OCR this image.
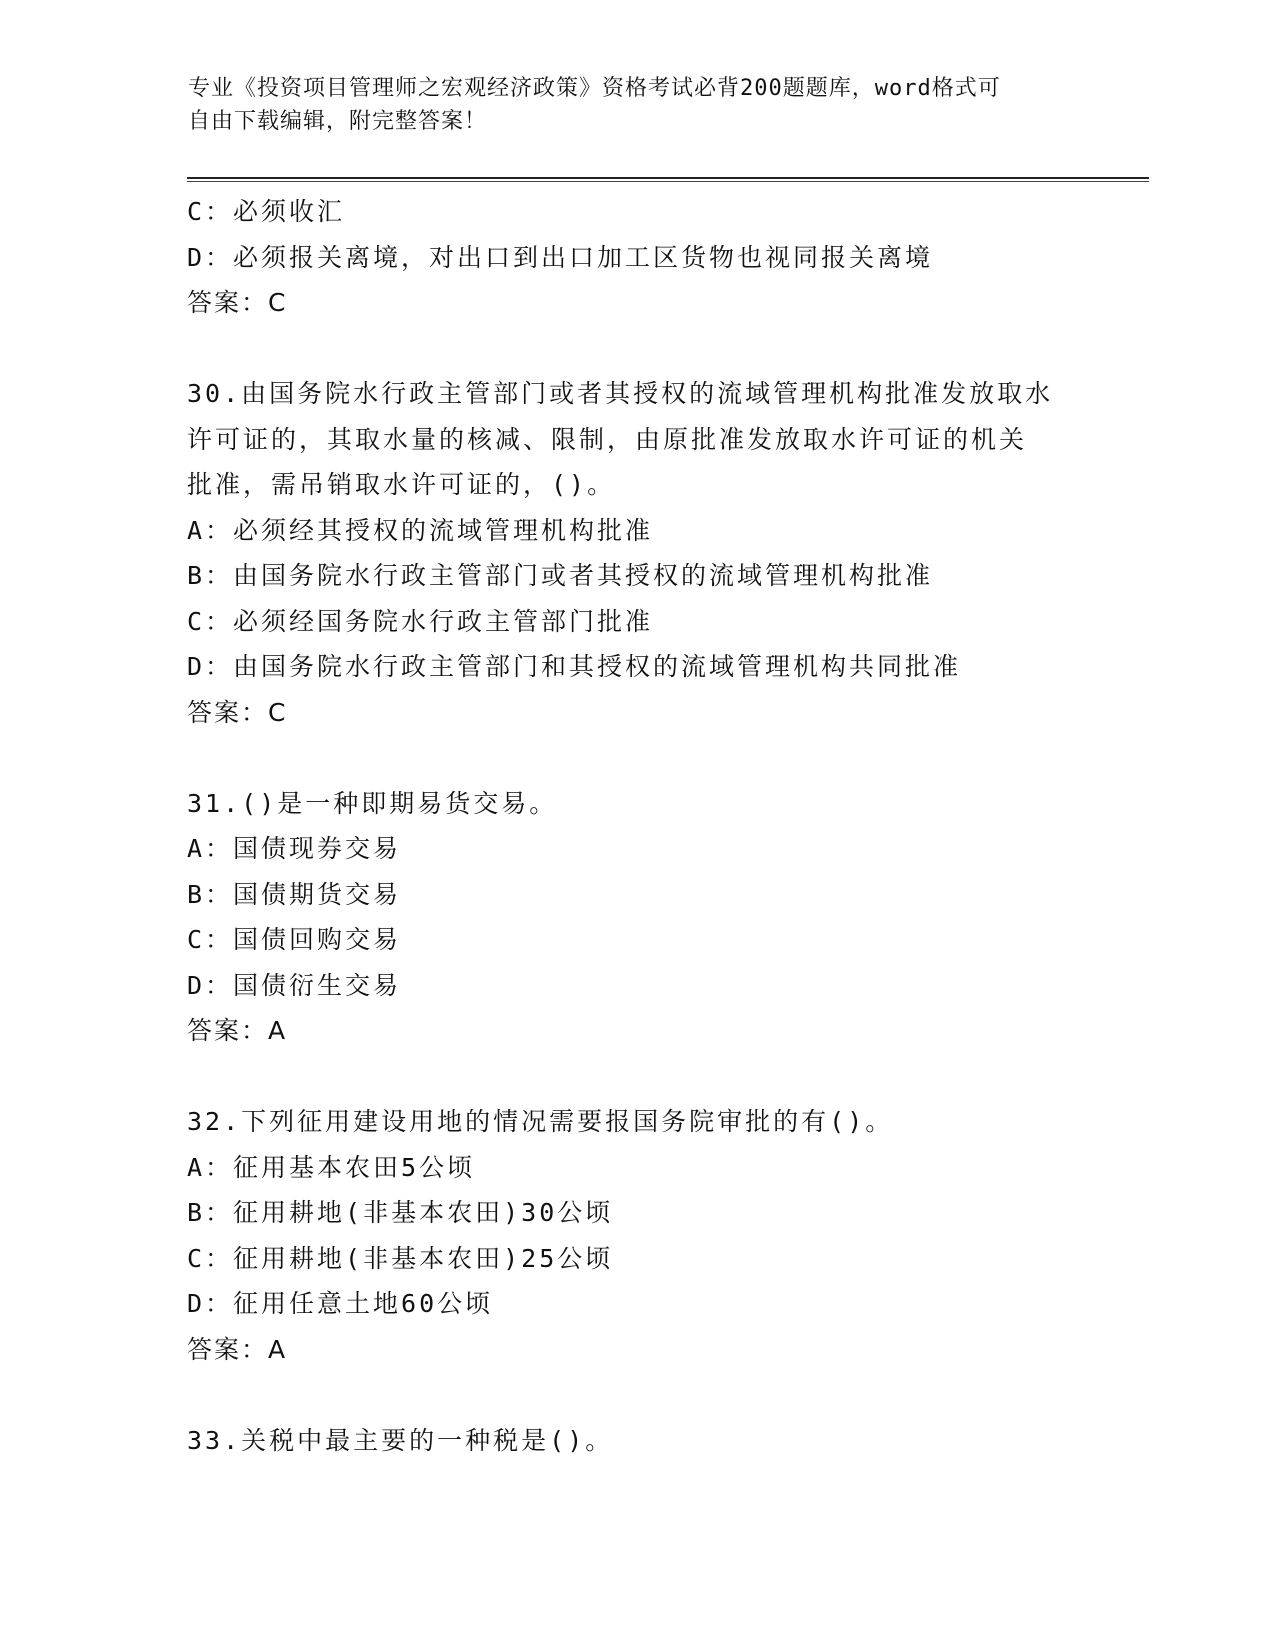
专业《投资项目管理师之宏观经济政策》资格考试必背200题题库，word格式可
自由下载编辑，附完整答案！
C：必须收汇
D：必须报关离境，对出口到出口加工区货物也视同报关离境
答案：C
30.由国务院水行政主管部门或者其授权的流域管理机构批准发放取水
许可证的，其取水量的核减、限制，由原批准发放取水许可证的机关
批准，需吊销取水许可证的，()。
A：必须经其授权的流域管理机构批准
B：由国务院水行政主管部门或者其授权的流域管理机构批准
C：必须经国务院水行政主管部门批准
D：由国务院水行政主管部门和其授权的流域管理机构共同批准
答案：C
31.()是一种即期易货交易。
A：国债现券交易
B：国债期货交易
C：国债回购交易
D：国债衍生交易
答案：A
32.下列征用建设用地的情况需要报国务院审批的有()。
A：征用基本农田5公顷
B：征用耕地(非基本农田)30公顷
C：征用耕地(非基本农田)25公顷
D：征用任意土地60公顷
答案：A
33.关税中最主要的一种税是()。
